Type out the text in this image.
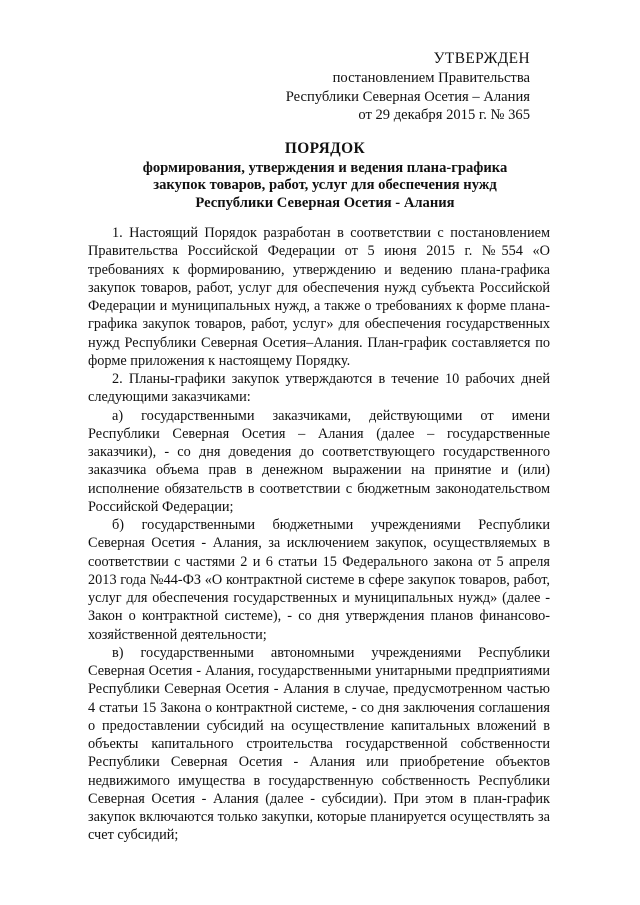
УТВЕРЖДЕН
постановлением Правительства
Республики Северная Осетия – Алания
от 29 декабря 2015 г. № 365
ПОРЯДОК
формирования, утверждения и ведения плана-графика
закупок товаров, работ, услуг для обеспечения нужд
Республики Северная Осетия - Алания

1. Настоящий Порядок разработан в соответствии с постановлением Правительства Российской Федерации от 5 июня 2015 г. №554 «О требованиях к формированию, утверждению и ведению плана-графика закупок товаров, работ, услуг для обеспечения нужд субъекта Российской Федерации и муниципальных нужд, а также о требованиях к форме плана-графика закупок товаров, работ, услуг» для обеспечения государственных нужд Республики Северная Осетия–Алания. План-график составляется по форме приложения к настоящему Порядку.

2. Планы-графики закупок утверждаются в течение 10 рабочих дней следующими заказчиками:

а) государственными заказчиками, действующими от имени Республики Северная Осетия – Алания (далее – государственные заказчики), - со дня доведения до соответствующего государственного заказчика объема прав в денежном выражении на принятие и (или) исполнение обязательств в соответствии с бюджетным законодательством Российской Федерации;

б) государственными бюджетными учреждениями Республики Северная Осетия - Алания, за исключением закупок, осуществляемых в соответствии с частями 2 и 6 статьи 15 Федерального закона от 5 апреля 2013 года №44-ФЗ «О контрактной системе в сфере закупок товаров, работ, услуг для обеспечения государственных и муниципальных нужд» (далее - Закон о контрактной системе), - со дня утверждения планов финансово-хозяйственной деятельности;

в) государственными автономными учреждениями Республики Северная Осетия - Алания, государственными унитарными предприятиями Республики Северная Осетия - Алания в случае, предусмотренном частью 4 статьи 15 Закона о контрактной системе, - со дня заключения соглашения о предоставлении субсидий на осуществление капитальных вложений в объекты капитального строительства государственной собственности Республики Северная Осетия - Алания или приобретение объектов недвижимого имущества в государственную собственность Республики Северная Осетия - Алания (далее - субсидии). При этом в план-график закупок включаются только закупки, которые планируется осуществлять за счет субсидий;
